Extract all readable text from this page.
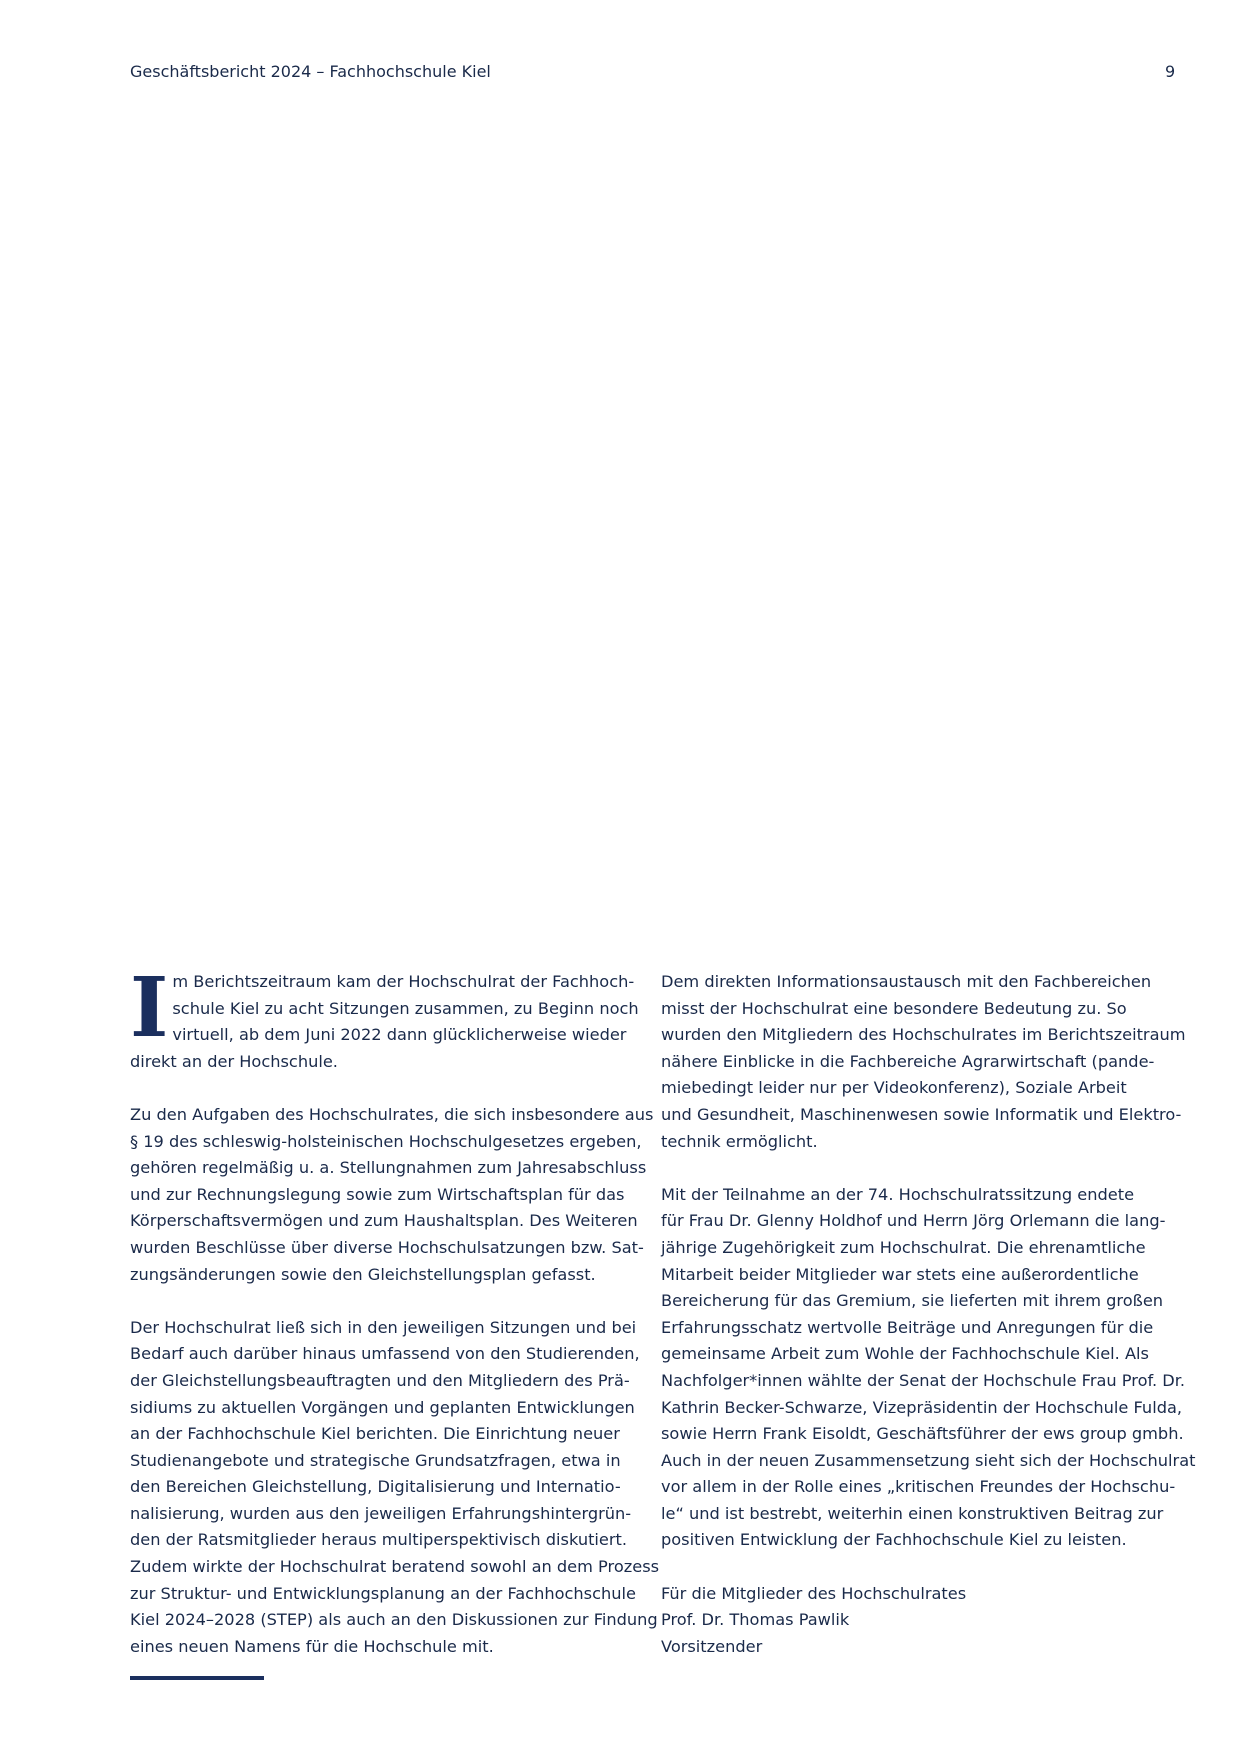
Geschäftsbericht 2024 – Fachhochschule Kiel	9

I m Berichtszeitraum kam der Hochschulrat der Fachhoch-
schule Kiel zu acht Sitzungen zusammen, zu Beginn noch
virtuell, ab dem Juni 2022 dann glücklicherweise wieder
direkt an der Hochschule.

Zu den Aufgaben des Hochschulrates, die sich insbesondere aus
§ 19 des schleswig-holsteinischen Hochschulgesetzes ergeben,
gehören regelmäßig u. a. Stellungnahmen zum Jahresabschluss
und zur Rechnungslegung sowie zum Wirtschaftsplan für das
Körperschaftsvermögen und zum Haushaltsplan. Des Weiteren
wurden Beschlüsse über diverse Hochschulsatzungen bzw. Sat-
zungsänderungen sowie den Gleichstellungsplan gefasst.

Der Hochschulrat ließ sich in den jeweiligen Sitzungen und bei
Bedarf auch darüber hinaus umfassend von den Studierenden,
der Gleichstellungsbeauftragten und den Mitgliedern des Prä-
sidiums zu aktuellen Vorgängen und geplanten Entwicklungen
an der Fachhochschule Kiel berichten. Die Einrichtung neuer
Studienangebote und strategische Grundsatzfragen, etwa in
den Bereichen Gleichstellung, Digitalisierung und Internatio-
nalisierung, wurden aus den jeweiligen Erfahrungshintergrün-
den der Ratsmitglieder heraus multiperspektivisch diskutiert.
Zudem wirkte der Hochschulrat beratend sowohl an dem Prozess
zur Struktur- und Entwicklungsplanung an der Fachhochschule
Kiel 2024–2028 (STEP) als auch an den Diskussionen zur Findung
eines neuen Namens für die Hochschule mit.

Dem direkten Informationsaustausch mit den Fachbereichen
misst der Hochschulrat eine besondere Bedeutung zu. So
wurden den Mitgliedern des Hochschulrates im Berichtszeitraum
nähere Einblicke in die Fachbereiche Agrarwirtschaft (pande-
miebedingt leider nur per Videokonferenz), Soziale Arbeit
und Gesundheit, Maschinenwesen sowie Informatik und Elektro-
technik ermöglicht.

Mit der Teilnahme an der 74. Hochschulratssitzung endete
für Frau Dr. Glenny Holdhof und Herrn Jörg Orlemann die lang-
jährige Zugehörigkeit zum Hochschulrat. Die ehrenamtliche
Mitarbeit beider Mitglieder war stets eine außerordentliche
Bereicherung für das Gremium, sie lieferten mit ihrem großen
Erfahrungsschatz wertvolle Beiträge und Anregungen für die
gemeinsame Arbeit zum Wohle der Fachhochschule Kiel. Als
Nachfolger*innen wählte der Senat der Hochschule Frau Prof. Dr.
Kathrin Becker-Schwarze, Vizepräsidentin der Hochschule Fulda,
sowie Herrn Frank Eisoldt, Geschäftsführer der ews group gmbh.
Auch in der neuen Zusammensetzung sieht sich der Hochschulrat
vor allem in der Rolle eines „kritischen Freundes der Hochschu-
le“ und ist bestrebt, weiterhin einen konstruktiven Beitrag zur
positiven Entwicklung der Fachhochschule Kiel zu leisten.

Für die Mitglieder des Hochschulrates
Prof. Dr. Thomas Pawlik
Vorsitzender
